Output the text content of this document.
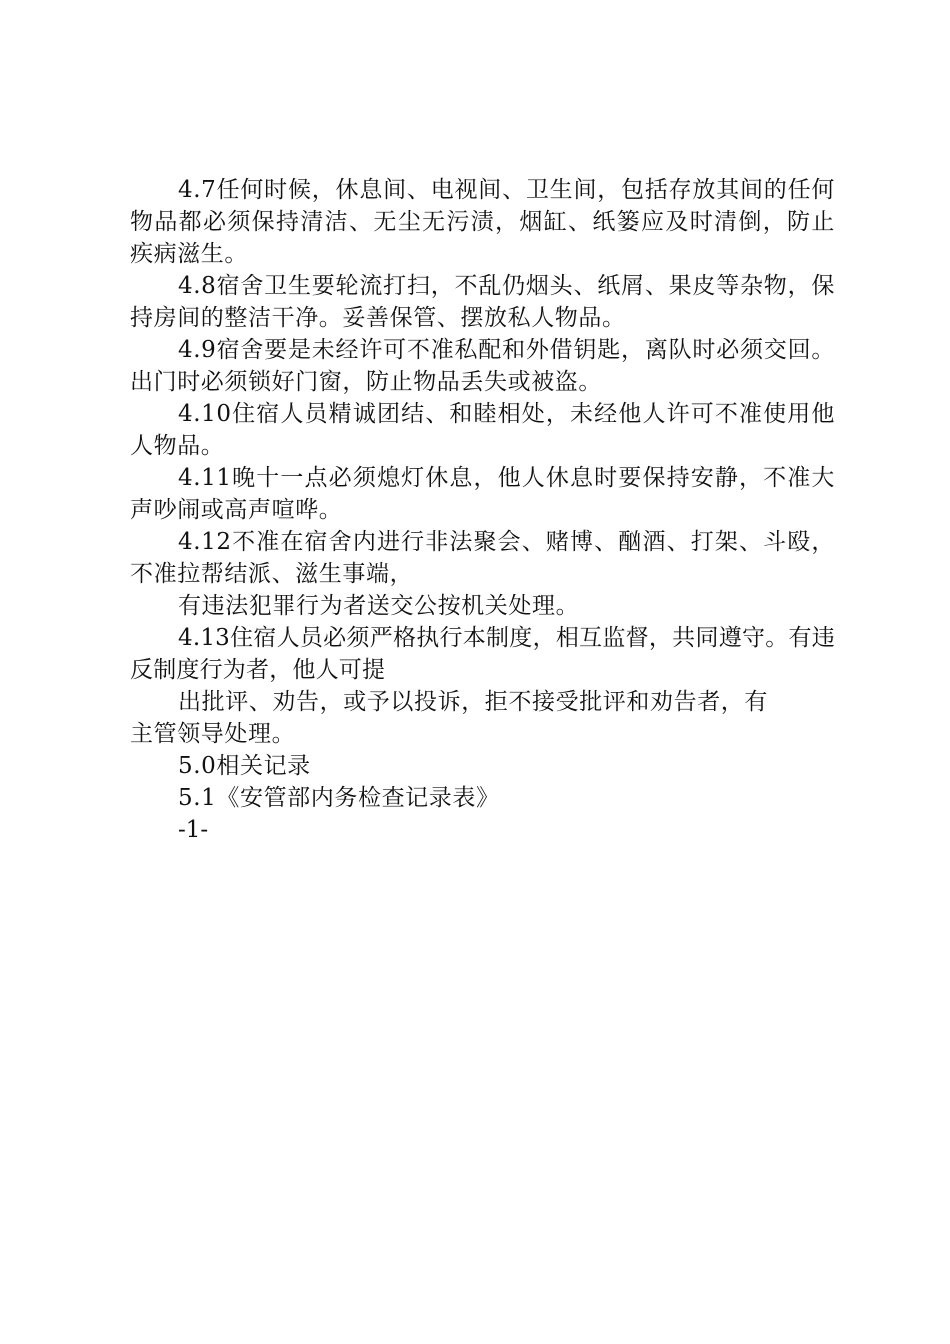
4.7任何时候，休息间、电视间、卫生间，包括存放其间的任何物品都必须保持清洁、无尘无污渍，烟缸、纸篓应及时清倒，防止疾病滋生。

4.8宿舍卫生要轮流打扫，不乱仍烟头、纸屑、果皮等杂物，保持房间的整洁干净。妥善保管、摆放私人物品。

4.9宿舍要是未经许可不准私配和外借钥匙，离队时必须交回。出门时必须锁好门窗，防止物品丢失或被盗。

4.10住宿人员精诚团结、和睦相处，未经他人许可不准使用他人物品。

4.11晚十一点必须熄灯休息，他人休息时要保持安静，不准大声吵闹或高声喧哗。

4.12不准在宿舍内进行非法聚会、赌博、酗酒、打架、斗殴，不准拉帮结派、滋生事端，

有违法犯罪行为者送交公按机关处理。

4.13住宿人员必须严格执行本制度，相互监督，共同遵守。有违反制度行为者，他人可提

出批评、劝告，或予以投诉，拒不接受批评和劝告者，有

主管领导处理。

5.0相关记录

5.1《安管部内务检查记录表》

-1-
